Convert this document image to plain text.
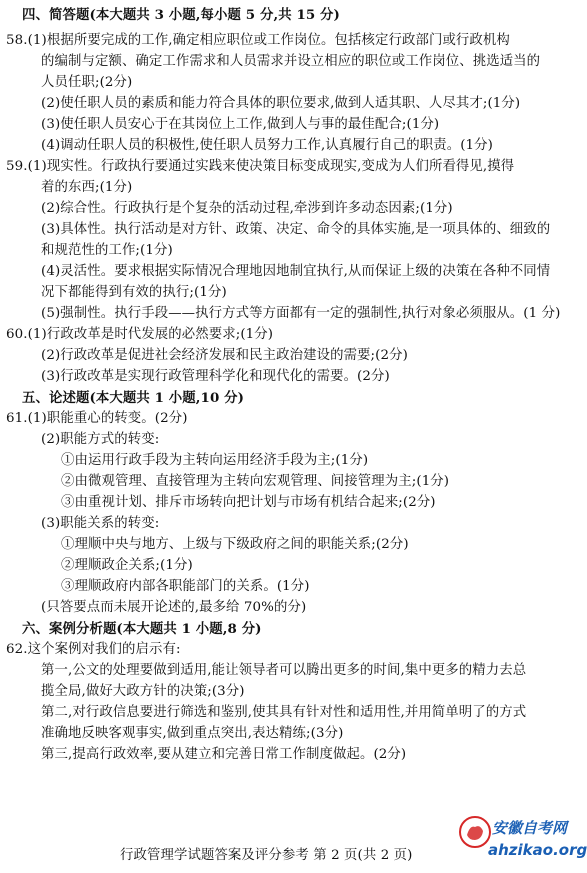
四、简答题(本大题共 3 小题,每小题 5 分,共 15 分)
58.(1)根据所要完成的工作,确定相应职位或工作岗位。包括核定行政部门或行政机构
的编制与定额、确定工作需求和人员需求并设立相应的职位或工作岗位、挑选适当的
人员任职;(2分)
(2)使任职人员的素质和能力符合具体的职位要求,做到人适其职、人尽其才;(1分)
(3)使任职人员安心于在其岗位上工作,做到人与事的最佳配合;(1分)
(4)调动任职人员的积极性,使任职人员努力工作,认真履行自己的职责。(1分)
59.(1)现实性。行政执行要通过实践来使决策目标变成现实,变成为人们所看得见,摸得
着的东西;(1分)
(2)综合性。行政执行是个复杂的活动过程,牵涉到许多动态因素;(1分)
(3)具体性。执行活动是对方针、政策、决定、命令的具体实施,是一项具体的、细致的
和规范性的工作;(1分)
(4)灵活性。要求根据实际情况合理地因地制宜执行,从而保证上级的决策在各种不同情
况下都能得到有效的执行;(1分)
(5)强制性。执行手段——执行方式等方面都有一定的强制性,执行对象必须服从。(1 分)
60.(1)行政改革是时代发展的必然要求;(1分)
(2)行政改革是促进社会经济发展和民主政治建设的需要;(2分)
(3)行政改革是实现行政管理科学化和现代化的需要。(2分)
五、论述题(本大题共 1 小题,10 分)
61.(1)职能重心的转变。(2分)
(2)职能方式的转变:
①由运用行政手段为主转向运用经济手段为主;(1分)
②由微观管理、直接管理为主转向宏观管理、间接管理为主;(1分)
③由重视计划、排斥市场转向把计划与市场有机结合起来;(2分)
(3)职能关系的转变:
①理顺中央与地方、上级与下级政府之间的职能关系;(2分)
②理顺政企关系;(1分)
③理顺政府内部各职能部门的关系。(1分)
(只答要点而未展开论述的,最多给 70%的分)
六、案例分析题(本大题共 1 小题,8 分)
62.这个案例对我们的启示有:
第一,公文的处理要做到适用,能让领导者可以腾出更多的时间,集中更多的精力去总
揽全局,做好大政方针的决策;(3分)
第二,对行政信息要进行筛选和鉴别,使其具有针对性和适用性,并用简单明了的方式
准确地反映客观事实,做到重点突出,表达精练;(3分)
第三,提高行政效率,要从建立和完善日常工作制度做起。(2分)
行政管理学试题答案及评分参考 第 2 页(共 2 页)
安徽自考网
ahzikao.org
